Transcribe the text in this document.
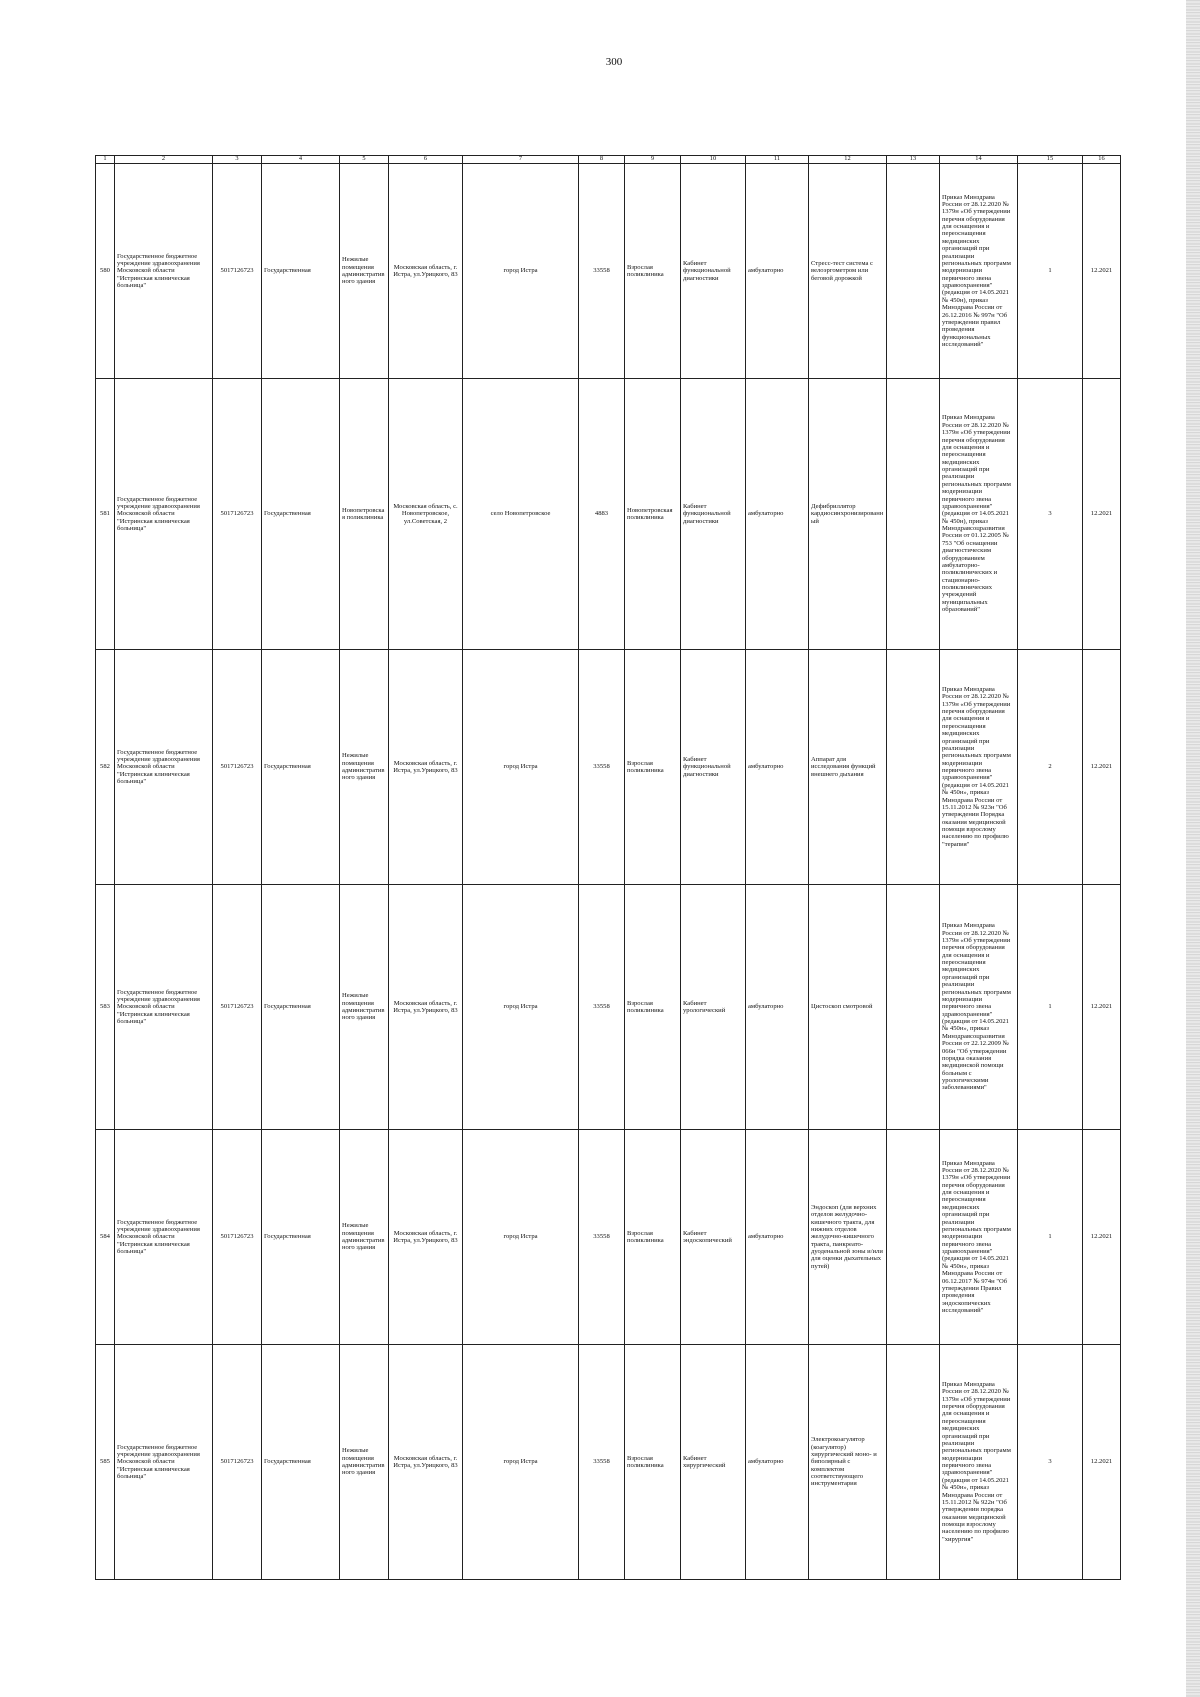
300
1	2	3	4	5	6	7	8	9	10	11	12	13	14	15	16
580	Государственное бюджетное учреждение здравоохранения Московской области "Истринская клиническая больница"	5017126723	Государственная	Нежилые помещения административного здания	Московская область, г. Истра, ул.Урицкого, 83	город Истра	33558	Взрослая поликлиника	Кабинет функциональной диагностики	амбулаторно	Стресс-тест система с велоэргометром или беговой дорожкой		Приказ Минздрава России от 28.12.2020 № 1379н «Об утверждении перечня оборудования для оснащения и переоснащения медицинских организаций при реализации региональных программ модернизации первичного звена здравоохранения"(редакция от 14.05.2021 № 450н), приказ Минздрава России от 26.12.2016 № 997н "Об утверждении правил проведения функциональных исследований"	1	12.2021
581	Государственное бюджетное учреждение здравоохранения Московской области "Истринская клиническая больница"	5017126723	Государственная	Новопетровская поликлиника	Московская область, с. Новопетровское, ул.Советская, 2	село Новопетровское	4883	Новопетровская поликлиника	Кабинет функциональной диагностики	амбулаторно	Дефибриллятор кардиосинхронизированный		Приказ Минздрава России от 28.12.2020 № 1379н «Об утверждении перечня оборудования для оснащения и переоснащения медицинских организаций при реализации региональных программ модернизации первичного звена здравоохранения"(редакция от 14.05.2021 № 450н), приказ Минздравсоцразвития России от 01.12.2005 № 753 "Об оснащении диагностическим оборудованием амбулаторно-поликлинических и стационарно-поликлинических учреждений муниципальных образований"	3	12.2021
582	Государственное бюджетное учреждение здравоохранения Московской области "Истринская клиническая больница"	5017126723	Государственная	Нежилые помещения административного здания	Московская область, г. Истра, ул.Урицкого, 83	город Истра	33558	Взрослая поликлиника	Кабинет функциональной диагностики	амбулаторно	Аппарат для исследования функций внешнего дыхания		Приказ Минздрава России от 28.12.2020 № 1379н «Об утверждении перечня оборудования для оснащения и переоснащения медицинских организаций при реализации региональных программ модернизации первичного звена здравоохранения"(редакция от 14.05.2021 № 450н», приказ Минздрава России от 15.11.2012 № 923н "Об утверждении Порядка оказания медицинской помощи взрослому населению по профилю "терапия"	2	12.2021
583	Государственное бюджетное учреждение здравоохранения Московской области "Истринская клиническая больница"	5017126723	Государственная	Нежилые помещения административного здания	Московская область, г. Истра, ул.Урицкого, 83	город Истра	33558	Взрослая поликлиника	Кабинет урологический	амбулаторно	Цистоскоп смотровой		Приказ Минздрава России от 28.12.2020 № 1379н «Об утверждении перечня оборудования для оснащения и переоснащения медицинских организаций при реализации региональных программ модернизации первичного звена здравоохранения"(редакция от 14.05.2021 № 450н», приказ Минздравсоцразвития России от 22.12.2009 № 066н "Об утверждении порядка оказания медицинской помощи больным с урологическими заболеваниями"	1	12.2021
584	Государственное бюджетное учреждение здравоохранения Московской области "Истринская клиническая больница"	5017126723	Государственная	Нежилые помещения административного здания	Московская область, г. Истра, ул.Урицкого, 83	город Истра	33558	Взрослая поликлиника	Кабинет эндоскопический	амбулаторно	Эндоскоп (для верхних отделов желудочно-кишечного тракта, для нижних отделов желудочно-кишечного тракта, панкреато-дуоденальной зоны и/или для оценки дыхательных путей)		Приказ Минздрава России от 28.12.2020 № 1379н «Об утверждении перечня оборудования для оснащения и переоснащения медицинских организаций при реализации региональных программ модернизации первичного звена здравоохранения"(редакция от 14.05.2021 № 450н», приказ Минздрава России от 06.12.2017 № 974н "Об утверждении Правил проведения эндоскопических исследований"	1	12.2021
585	Государственное бюджетное учреждение здравоохранения Московской области "Истринская клиническая больница"	5017126723	Государственная	Нежилые помещения административного здания	Московская область, г. Истра, ул.Урицкого, 83	город Истра	33558	Взрослая поликлиника	Кабинет хирургический	амбулаторно	Электрокоагулятор (коагулятор) хирургический моно- и биполярный с комплектом соответствующего инструментария		Приказ Минздрава России от 28.12.2020 № 1379н «Об утверждении перечня оборудования для оснащения и переоснащения медицинских организаций при реализации региональных программ модернизации первичного звена здравоохранения"(редакция от 14.05.2021 № 450н», приказ Минздрава России от 15.11.2012 № 922н "Об утверждении порядка оказания медицинской помощи взрослому населению по профилю "хирургия"	3	12.2021
